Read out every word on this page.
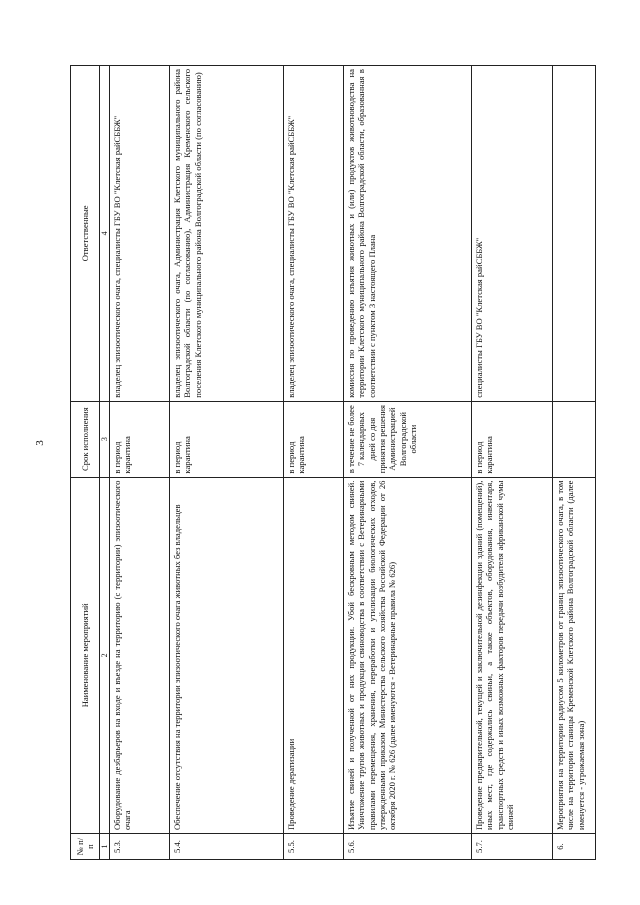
3
№ п/п	Наименование мероприятий	Срок исполнения	Ответственные
1	2	3	4
5.3.	Оборудование дезбарьеров на входе и въезде на территорию (с территории) эпизоотического очага	в период карантина	владелец эпизоотического очага, специалисты ГБУ ВО "Клетская райСББЖ"
5.4.	Обеспечение отсутствия на территории эпизоотического очага животных без владельцев	в период карантина	владелец эпизоотического очага, Администрация Клетского муниципального района Волгоградской области (по согласованию), Администрация Кременского сельского поселения Клетского муниципального района Волгоградской области (по согласованию)
5.5.	Проведение дератизации	в период карантина	владелец эпизоотического очага, специалисты ГБУ ВО "Клетская райСББЖ"
5.6.	Изъятие свиней и полученной от них продукции. Убой бескровным методом свиней. Уничтожение трупов животных и продукции свиноводства в соответствии с Ветеринарными правилами перемещения, хранения, переработки и утилизации биологических отходов, утвержденными приказом Министерства сельского хозяйства Российской Федерации от 26 октября 2020 г. № 626 (далее именуются - Ветеринарные правила № 626)	в течение не более 7 календарных дней со дня принятия решения Администрацией Волгоградской области	комиссия по проведению изъятия животных и (или) продуктов животноводства на территории Клетского муниципального района Волгоградской области, образованная в соответствии с пунктом 3 настоящего Плана
5.7.	Проведение предварительной, текущей и заключительной дезинфекции зданий (помещений), иных мест, где содержались свиньи, а также объектов, оборудования, инвентаря, транспортных средств и иных возможных факторов передачи возбудителя африканской чумы свиней	в период карантина	специалисты ГБУ ВО "Клетская райСББЖ"
6.	Мероприятия на территории радиусом 5 километров от границ эпизоотического очага, в том числе на территории станицы Кременской Клетского района Волгоградской области (далее именуется - угрожаемая зона)		
